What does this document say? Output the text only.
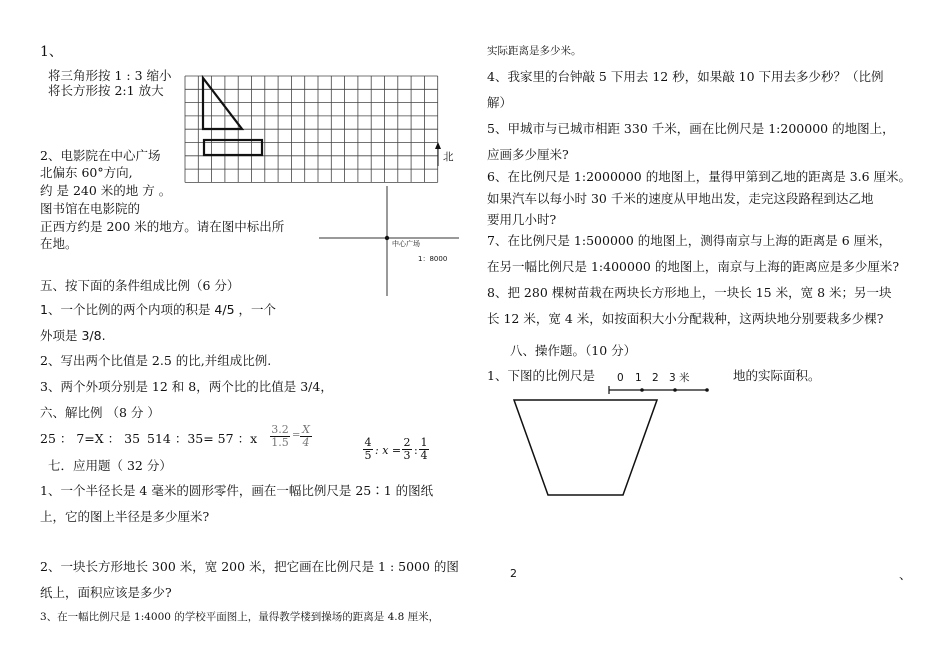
1、
将三角形按 1 : 3 缩小
将长方形按 2:1 放大
北
中心广场
1：8000
2、电影院在中心广场
北偏东 60°方向,
约 是 240 米的地 方 。
图书馆在电影院的
正西方约是 200 米的地方。请在图中标出所
在地。
五、按下面的条件组成比例（6 分）
1、一个比例的两个内项的积是 4/5 ，一个
外项是 3/8.
2、写出两个比值是 2.5 的比,并组成比例.
3、两个外项分别是 12 和 8，两个比的比值是 3/4，
六、解比例 （8 分 ）
25 ： 7=X ： 35 514 ：35= 57 ：x $\frac{3.2}{1.5} = \frac{X}{4}$
$\frac{4}{5}$ : $x = \frac{2}{3}$ : $\frac{1}{4}$
七．应用题（ 32 分）
1、一个半径长是 4 毫米的圆形零件，画在一幅比例尺是 25∶1 的图纸
上，它的图上半径是多少厘米?
2、一块长方形地长 300 米，宽 200 米，把它画在比例尺是 1 : 5000 的图
纸上，面积应该是多少?
3、在一幅比例尺是 1:4000 的学校平面图上，量得教学楼到操场的距离是 4.8 厘米，
实际距离是多少米。
4、我家里的台钟敲 5 下用去 12 秒，如果敲 10 下用去多少秒？（比例
解）
5、甲城市与已城市相距 330 千米，画在比例尺是 1:200000 的地图上，
应画多少厘米?
6、在比例尺是 1:2000000 的地图上，量得甲第到乙地的距离是 3.6 厘米。
如果汽车以每小时 30 千米的速度从甲地出发，走完这段路程到达乙地
要用几小时?
7、在比例尺是 1:500000 的地图上，测得南京与上海的距离是 6 厘米，
在另一幅比例尺是 1:400000 的地图上，南京与上海的距离应是多少厘米?
8、把 280 棵树苗栽在两块长方形地上，一块长 15 米，宽 8 米；另一块
长 12 米，宽 4 米，如按面积大小分配栽种，这两块地分别要栽多少棵?
八、操作题。（10 分）
1、下图的比例尺是	地的实际面积。
0 1 2 3 米
2	、
